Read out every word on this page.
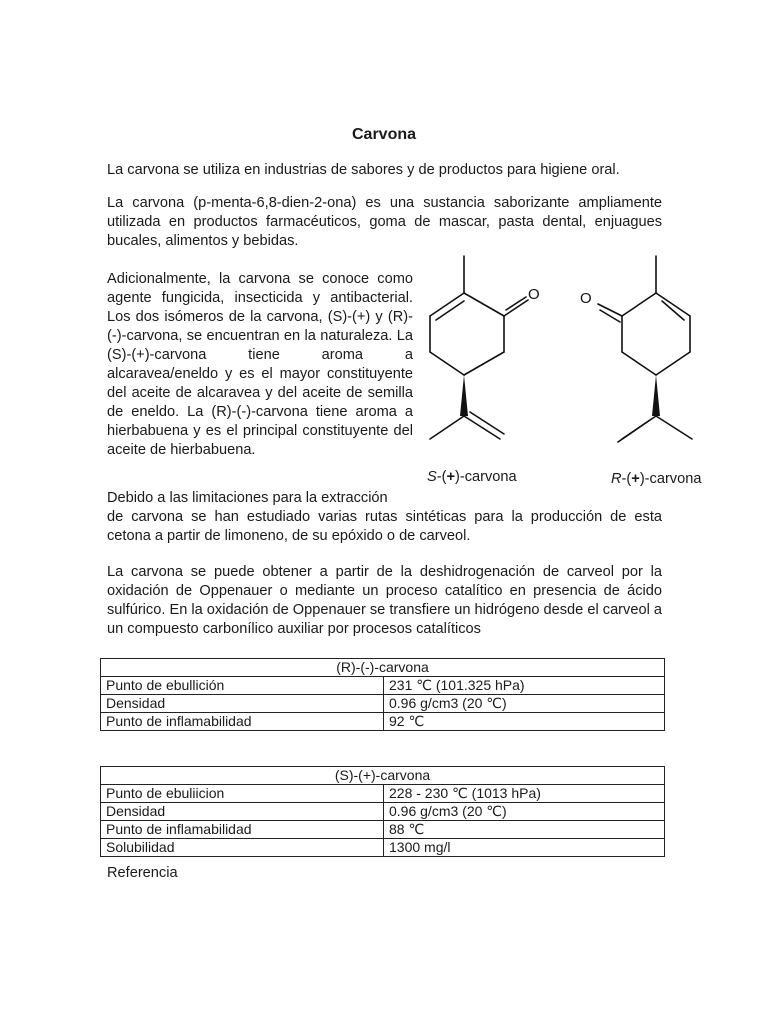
Carvona

La carvona se utiliza en industrias de sabores y de productos para higiene oral.

La carvona (p-menta-6,8-dien-2-ona) es una sustancia saborizante ampliamente utilizada en productos farmacéuticos, goma de mascar, pasta dental, enjuagues bucales, alimentos y bebidas.

Adicionalmente, la carvona se conoce como agente fungicida, insecticida y antibacterial. Los dos isómeros de la carvona, (S)-(+) y (R)-(-)-carvona, se encuentran en la naturaleza. La (S)-(+)-carvona tiene aroma a alcaravea/eneldo y es el mayor constituyente del aceite de alcaravea y del aceite de semilla de eneldo. La (R)-(-)-carvona tiene aroma a hierbabuena y es el principal constituyente del aceite de hierbabuena.

O	O
S-(+)-carvona	R-(+)-carvona

Debido a las limitaciones para la extracción

de carvona se han estudiado varias rutas sintéticas para la producción de esta cetona a partir de limoneno, de su epóxido o de carveol.

La carvona se puede obtener a partir de la deshidrogenación de carveol por la oxidación de Oppenauer o mediante un proceso catalítico en presencia de ácido sulfúrico. En la oxidación de Oppenauer se transfiere un hidrógeno desde el carveol a un compuesto carbonílico auxiliar por procesos catalíticos

(R)-(-)-carvona	
Punto de ebullición	231 ℃ (101.325 hPa)
Densidad	0.96 g/cm3 (20 ℃)
Punto de inflamabilidad	92 ℃
(S)-(+)-carvona	
Punto de ebuliicion	228 - 230 ℃ (1013 hPa)
Densidad	0.96 g/cm3 (20 ℃)
Punto de inflamabilidad	88 ℃
Solubilidad	1300 mg/l
Referencia
